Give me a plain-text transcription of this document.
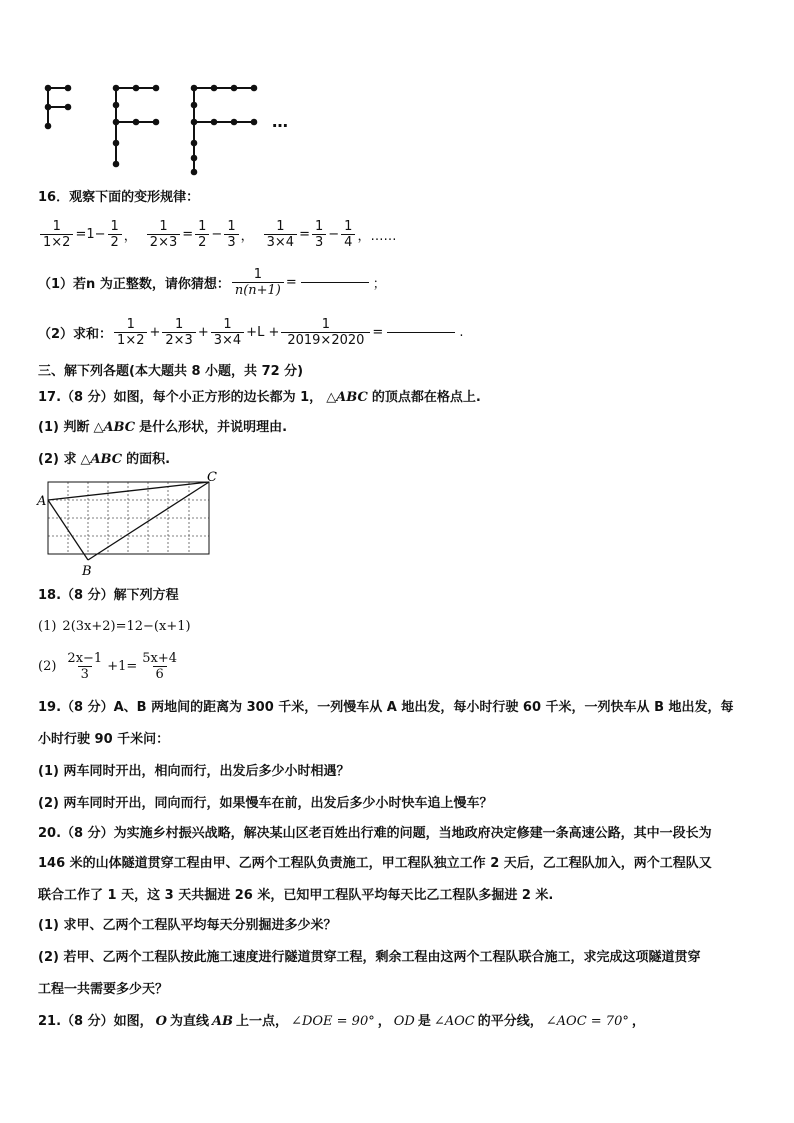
…
16．观察下面的变形规律：
$\frac{1}{1\times 2} =1- \frac{1}{2}$ ， $\frac{1}{2\times 3} = \frac{1}{2} - \frac{1}{3}$ ， $\frac{1}{3\times 4} = \frac{1}{3} - \frac{1}{4}$ ，……
（1）若n 为正整数，请你猜想： $\frac{1}{n(n+1)}$ =	；
（2）求和： $\frac{1}{1\times 2} + \frac{1}{2\times 3} + \frac{1}{3\times 4} +L + \frac{1}{2019\times 2020}$ =	.
三、解下列各题(本大题共 8 小题，共 72 分)
17.（8 分）如图，每个小正方形的边长都为 1， △ABC 的顶点都在格点上.
(1) 判断 △ABC 是什么形状，并说明理由.
(2) 求 △ABC 的面积.
A
B
C
18.（8 分）解下列方程
(1) 2(3x+2)=12−(x+1)
$(2) \frac{2x-1}{3} +1= \frac{5x+4}{6}$
19.（8 分）A、B 两地间的距离为 300 千米，一列慢车从 A 地出发，每小时行驶 60 千米，一列快车从 B 地出发，每
小时行驶 90 千米问：
(1) 两车同时开出，相向而行，出发后多少小时相遇？
(2) 两车同时开出，同向而行，如果慢车在前，出发后多少小时快车追上慢车？
20.（8 分）为实施乡村振兴战略，解决某山区老百姓出行难的问题，当地政府决定修建一条高速公路，其中一段长为
146 米的山体隧道贯穿工程由甲、乙两个工程队负责施工，甲工程队独立工作 2 天后，乙工程队加入，两个工程队又
联合工作了 1 天，这 3 天共掘进 26 米，已知甲工程队平均每天比乙工程队多掘进 2 米.
(1) 求甲、乙两个工程队平均每天分别掘进多少米？
(2) 若甲、乙两个工程队按此施工速度进行隧道贯穿工程，剩余工程由这两个工程队联合施工，求完成这项隧道贯穿
工程一共需要多少天？
21.（8 分）如图， O 为直线 AB 上一点， ∠DOE = 90° ， OD 是 ∠AOC 的平分线， ∠AOC = 70° ，
